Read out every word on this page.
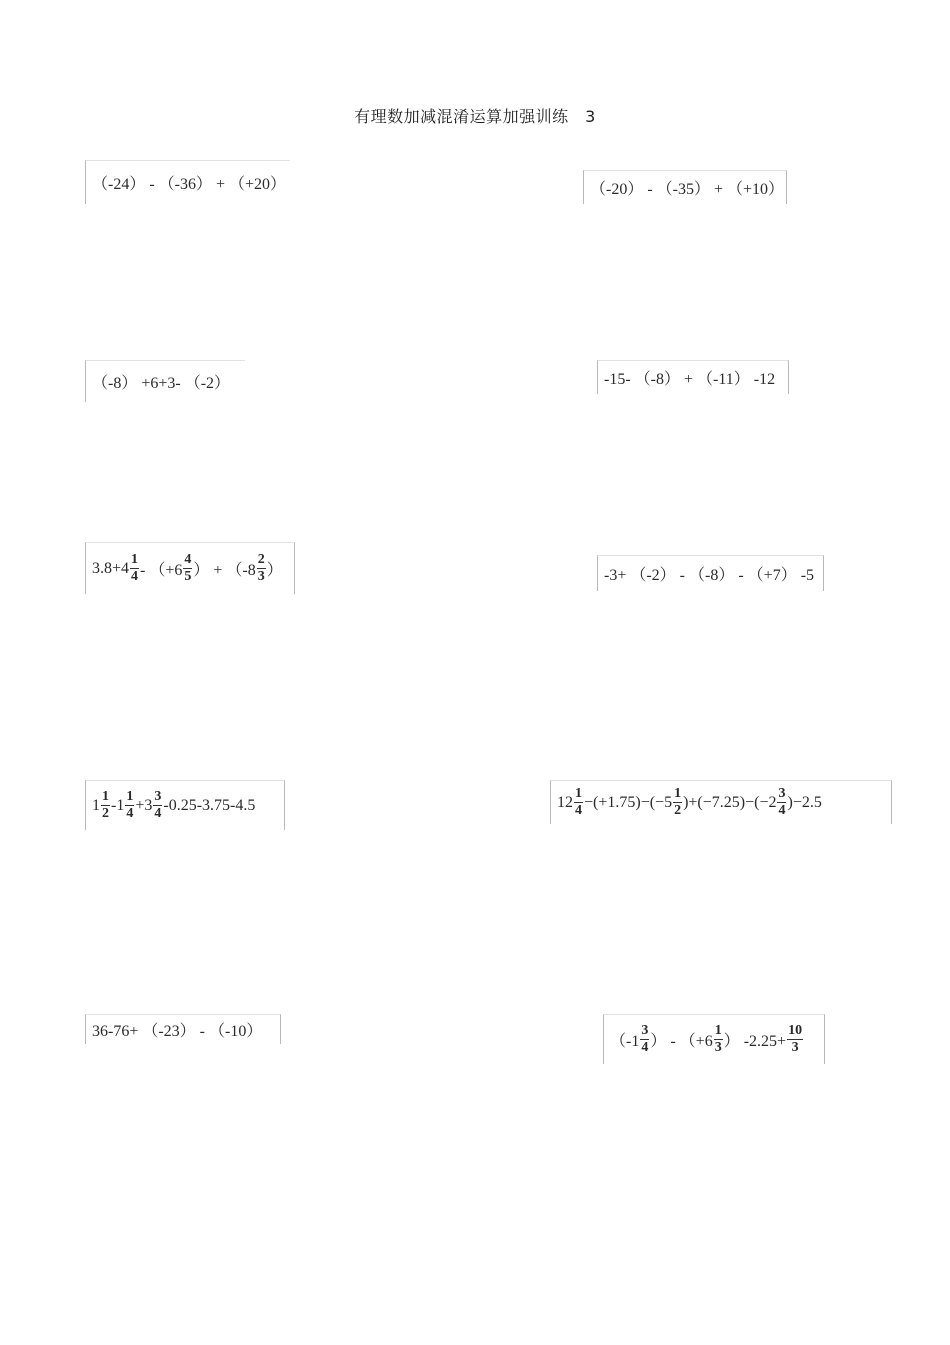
有理数加减混淆运算加强训练　3
（-24） - （-36） + （+20）	（-20） - （-35） + （+10）
（-8） +6+3- （-2）	-15- （-8） + （-11） -12
$3.8+4 \frac{1}{4} - (+6 \frac{4}{5}$ ） + （$-8 \frac{2}{3}$ ）	-3+ （-2） - （-8） - （+7） -5
$1 \frac{1}{2} -1 \frac{1}{4} +3 \frac{3}{4} -0.25-3.75-4.5$	$12 \frac{1}{4} -(+1.75)-(-5 \frac{1}{2} )+(-7.25)-(-2 \frac{3}{4} )-2.5$
36-76+ （-23） - （-10）
（$-1 \frac{3}{4}$ ） - （$+6 \frac{1}{3}$ ） $-2.25+ \frac{10}{3}$
